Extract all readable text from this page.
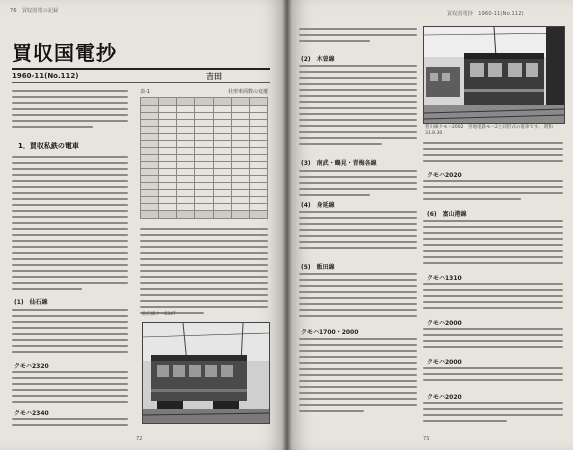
76　買収国電の記録
買収国電抄
1960-11(No.112)	吉田　
1．買収私鉄の電車
(1)　仙石線
クモハ2320
クモハ2340
表-1	社形車両数の変遷

仙石線クハ6347
72
買収国電抄　1960-11(No.112)
(2)　木曽線
(3)　南武・鶴見・青梅各線
(4)　身延線
(5)　飯田線
クモハ1700・2000
豊川線クモハ2002　宮地電鉄モハ2と同形式の電車です。 昭和31.8.30
クモハ2020
(6)　富山港線
クモハ1310
クモハ2000
クモハ2000
クモハ2020
73
